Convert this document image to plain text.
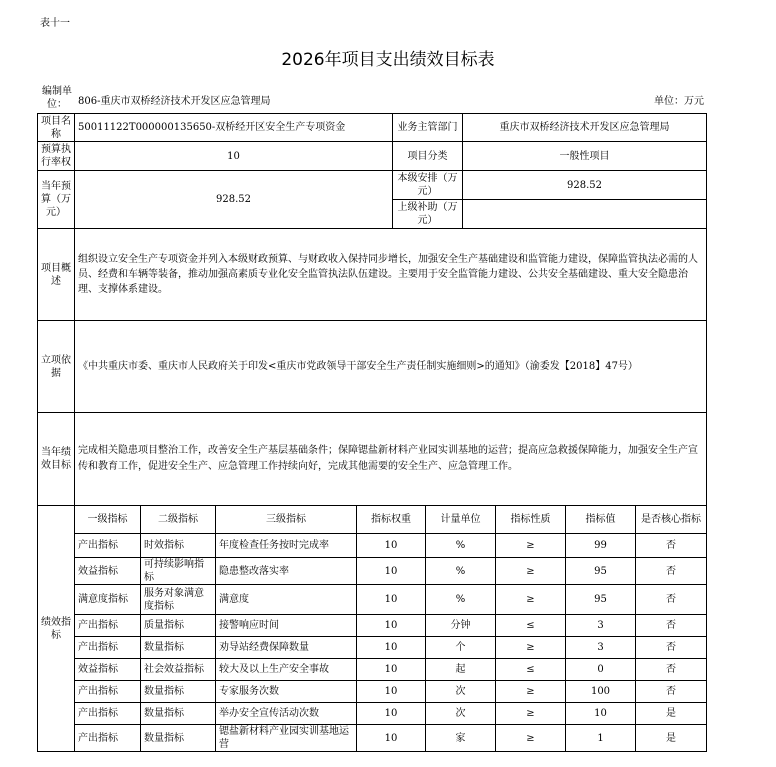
表十一
2026年项目支出绩效目标表
编制单位：	806-重庆市双桥经济技术开发区应急管理局	单位：万元
项目名称	50011122T000000135650-双桥经开区安全生产专项资金	业务主管部门	重庆市双桥经济技术开发区应急管理局
预算执行率权	10	项目分类	一般性项目
当年预算（万元）	928.52	本级安排（万元）	928.52
		上级补助（万元）	
项目概述	组织设立安全生产专项资金并列入本级财政预算、与财政收入保持同步增长，加强安全生产基础建设和监管能力建设，保障监管执法必需的人员、经费和车辆等装备，推动加强高素质专业化安全监管执法队伍建设。主要用于安全监管能力建设、公共安全基础建设、重大安全隐患治理、支撑体系建设。		
立项依据	《中共重庆市委、重庆市人民政府关于印发<重庆市党政领导干部安全生产责任制实施细则>的通知》（渝委发【2018】47号）		
当年绩效目标	完成相关隐患项目整治工作，改善安全生产基层基础条件；保障锶盐新材料产业园实训基地的运营；提高应急救援保障能力，加强安全生产宣传和教育工作，促进安全生产、应急管理工作持续向好，完成其他需要的安全生产、应急管理工作。		
绩效指标	一级指标	二级指标	三级指标	指标权重	计量单位	指标性质	指标值	是否核心指标
	产出指标	时效指标	年度检查任务按时完成率	10	%	≥	99	否
	效益指标	可持续影响指标	隐患整改落实率	10	%	≥	95	否
	满意度指标	服务对象满意度指标	满意度	10	%	≥	95	否
	产出指标	质量指标	接警响应时间	10	分钟	≤	3	否
	产出指标	数量指标	劝导站经费保障数量	10	个	≥	3	否
	效益指标	社会效益指标	较大及以上生产安全事故	10	起	≤	0	否
	产出指标	数量指标	专家服务次数	10	次	≥	100	否
	产出指标	数量指标	举办安全宣传活动次数	10	次	≥	10	是
	产出指标	数量指标	锶盐新材料产业园实训基地运营	10	家	≥	1	是
